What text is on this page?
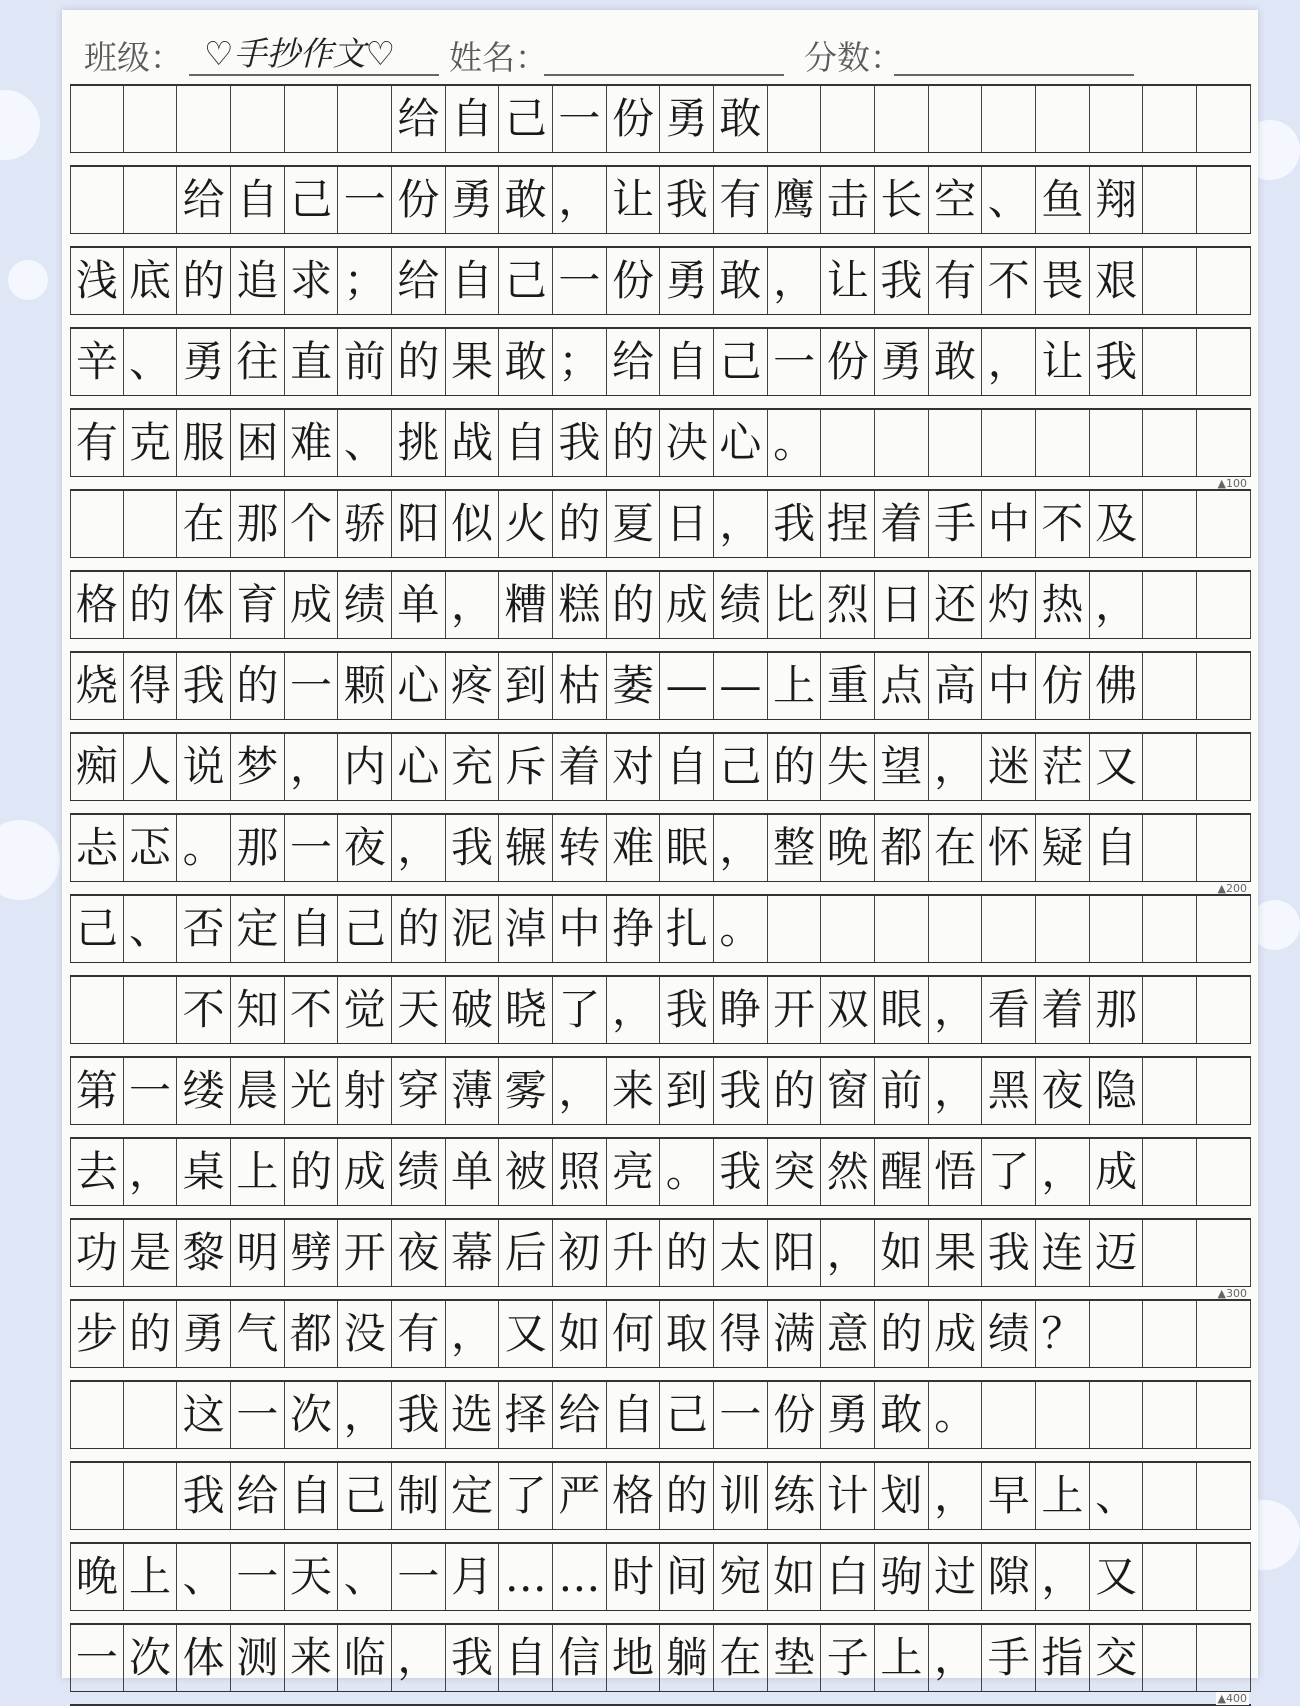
班级： ♡手抄作文♡ 姓名：	分数：
给 自 己 一 份 勇 敢
给 自 己 一 份 勇 敢 ， 让 我 有 鹰 击 长 空 、 鱼 翔
浅 底 的 追 求 ； 给 自 己 一 份 勇 敢 ， 让 我 有 不 畏 艰
辛 、 勇 往 直 前 的 果 敢 ； 给 自 己 一 份 勇 敢 ， 让 我
有 克 服 困 难 、 挑 战 自 我 的 决 心 。
▲100
在 那 个 骄 阳 似 火 的 夏 日 ， 我 捏 着 手 中 不 及
格 的 体 育 成 绩 单 ， 糟 糕 的 成 绩 比 烈 日 还 灼 热 ，
烧 得 我 的 一 颗 心 疼 到 枯 萎 — — 上 重 点 高 中 仿 佛
痴 人 说 梦 ， 内 心 充 斥 着 对 自 己 的 失 望 ， 迷 茫 又
忐 忑 。 那 一 夜 ， 我 辗 转 难 眠 ， 整 晚 都 在 怀 疑 自
▲200
己 、 否 定 自 己 的 泥 淖 中 挣 扎 。
不 知 不 觉 天 破 晓 了 ， 我 睁 开 双 眼 ， 看 着 那
第 一 缕 晨 光 射 穿 薄 雾 ， 来 到 我 的 窗 前 ， 黑 夜 隐
去 ， 桌 上 的 成 绩 单 被 照 亮 。 我 突 然 醒 悟 了 ， 成
功 是 黎 明 劈 开 夜 幕 后 初 升 的 太 阳 ， 如 果 我 连 迈
▲300
步 的 勇 气 都 没 有 ， 又 如 何 取 得 满 意 的 成 绩 ？
这 一 次 ， 我 选 择 给 自 己 一 份 勇 敢 。
我 给 自 己 制 定 了 严 格 的 训 练 计 划 ， 早 上 、
晚 上 、 一 天 、 一 月 … … 时 间 宛 如 白 驹 过 隙 ， 又
一 次 体 测 来 临 ， 我 自 信 地 躺 在 垫 子 上 ， 手 指 交
▲400
